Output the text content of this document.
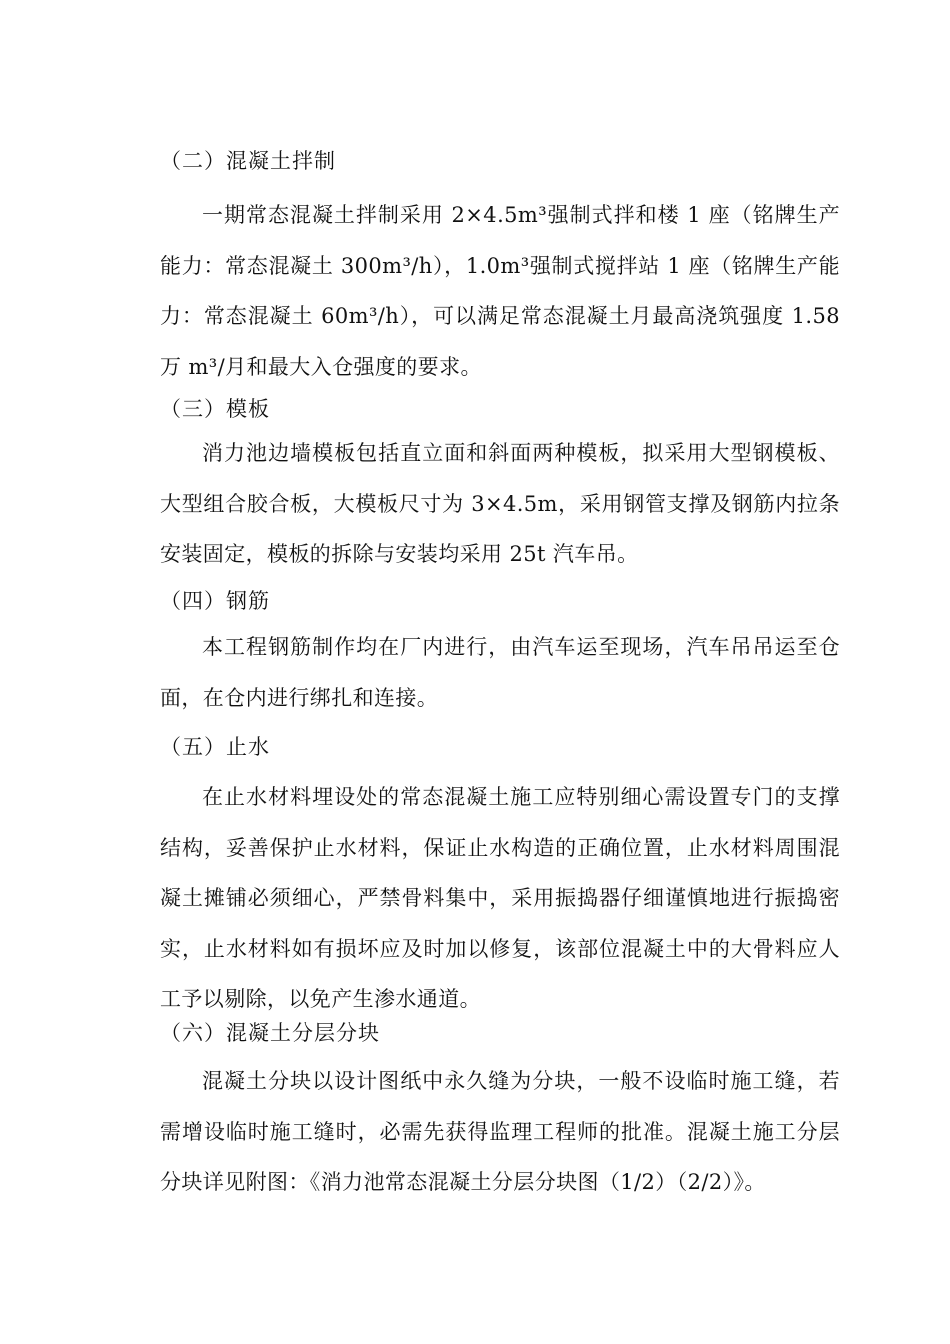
（二）混凝土拌制
一期常态混凝土拌制采用 2×4.5m³强制式拌和楼 1 座（铭牌生产能力：常态混凝土 300m³/h），1.0m³强制式搅拌站 1 座（铭牌生产能力：常态混凝土 60m³/h），可以满足常态混凝土月最高浇筑强度 1.58 万 m³/月和最大入仓强度的要求。
（三）模板
消力池边墙模板包括直立面和斜面两种模板，拟采用大型钢模板、大型组合胶合板，大模板尺寸为 3×4.5m，采用钢管支撑及钢筋内拉条安装固定，模板的拆除与安装均采用 25t 汽车吊。
（四）钢筋
本工程钢筋制作均在厂内进行，由汽车运至现场，汽车吊吊运至仓面，在仓内进行绑扎和连接。
（五）止水
在止水材料埋设处的常态混凝土施工应特别细心需设置专门的支撑结构，妥善保护止水材料，保证止水构造的正确位置，止水材料周围混凝土摊铺必须细心，严禁骨料集中，采用振捣器仔细谨慎地进行振捣密实，止水材料如有损坏应及时加以修复，该部位混凝土中的大骨料应人工予以剔除，以免产生渗水通道。
（六）混凝土分层分块
混凝土分块以设计图纸中永久缝为分块，一般不设临时施工缝，若需增设临时施工缝时，必需先获得监理工程师的批准。混凝土施工分层分块详见附图：《消力池常态混凝土分层分块图（1/2）（2/2）》。
